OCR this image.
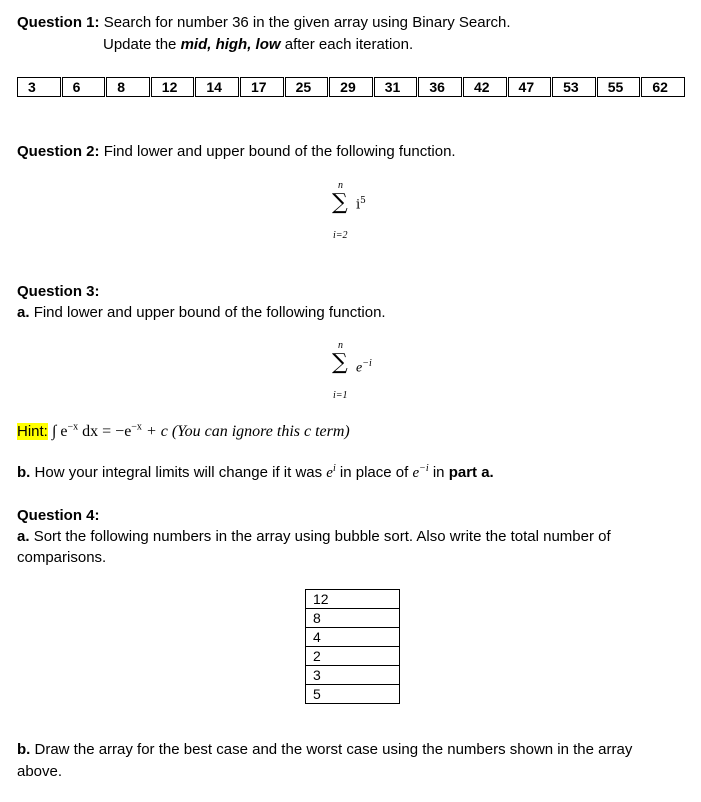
Question 1: Search for number 36 in the given array using Binary Search.
Update the mid, high, low after each iteration.
3	6	8	12	14	17	25	29	31	36	42	47	53	55	62
Question 2: Find lower and upper bound of the following function.
n
∑ $i^5$
i=2
Question 3:
a. Find lower and upper bound of the following function.
n
∑ $e^{-i}$
i=1
Hint: ∫ $e^{-x}$ dx = $-e^{-x} + c$ (You can ignore this c term)
b. How your integral limits will change if it was $e^i$ in place of $e^{-i}$ in part a.
Question 4:
a. Sort the following numbers in the array using bubble sort. Also write the total number of
comparisons.
12
8
4
2
3
5
b. Draw the array for the best case and the worst case using the numbers shown in the array
above.
